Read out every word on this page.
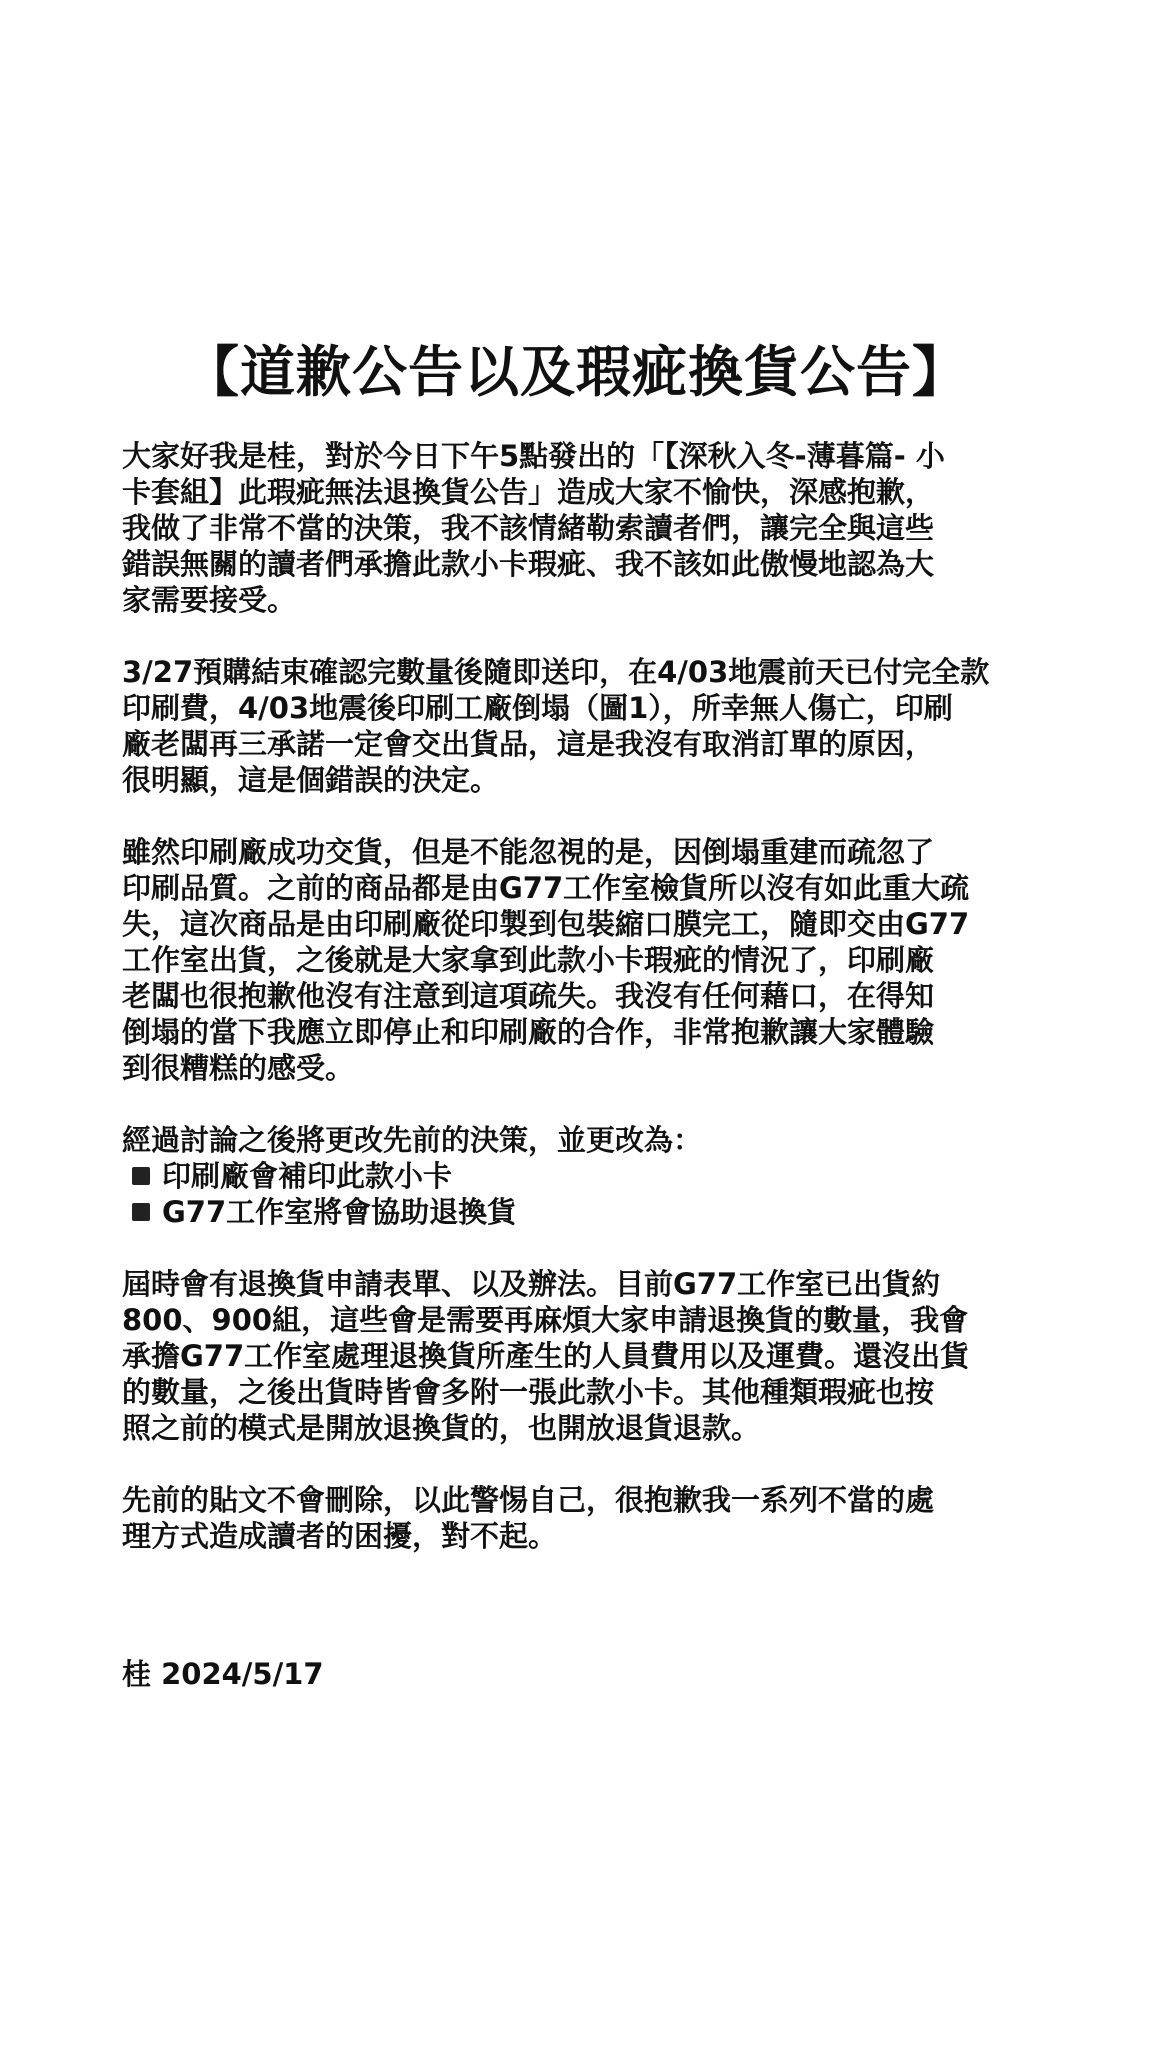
【道歉公告以及瑕疵換貨公告】
大家好我是桂，對於今日下午5點發出的「【深秋入冬-薄暮篇- 小
卡套組】此瑕疵無法退換貨公告」造成大家不愉快，深感抱歉，
我做了非常不當的決策，我不該情緒勒索讀者們，讓完全與這些
錯誤無關的讀者們承擔此款小卡瑕疵、我不該如此傲慢地認為大
家需要接受。
3/27預購結束確認完數量後隨即送印，在4/03地震前天已付完全款
印刷費，4/03地震後印刷工廠倒塌（圖1），所幸無人傷亡，印刷
廠老闆再三承諾一定會交出貨品，這是我沒有取消訂單的原因，
很明顯，這是個錯誤的決定。
雖然印刷廠成功交貨，但是不能忽視的是，因倒塌重建而疏忽了
印刷品質。之前的商品都是由G77工作室檢貨所以沒有如此重大疏
失，這次商品是由印刷廠從印製到包裝縮口膜完工，隨即交由G77
工作室出貨，之後就是大家拿到此款小卡瑕疵的情況了，印刷廠
老闆也很抱歉他沒有注意到這項疏失。我沒有任何藉口，在得知
倒塌的當下我應立即停止和印刷廠的合作，非常抱歉讓大家體驗
到很糟糕的感受。
經過討論之後將更改先前的決策，並更改為：
印刷廠會補印此款小卡
G77工作室將會協助退換貨
屆時會有退換貨申請表單、以及辦法。目前G77工作室已出貨約
800、900組，這些會是需要再麻煩大家申請退換貨的數量，我會
承擔G77工作室處理退換貨所產生的人員費用以及運費。還沒出貨
的數量，之後出貨時皆會多附一張此款小卡。其他種類瑕疵也按
照之前的模式是開放退換貨的，也開放退貨退款。
先前的貼文不會刪除，以此警惕自己，很抱歉我一系列不當的處
理方式造成讀者的困擾，對不起。
桂 2024/5/17
